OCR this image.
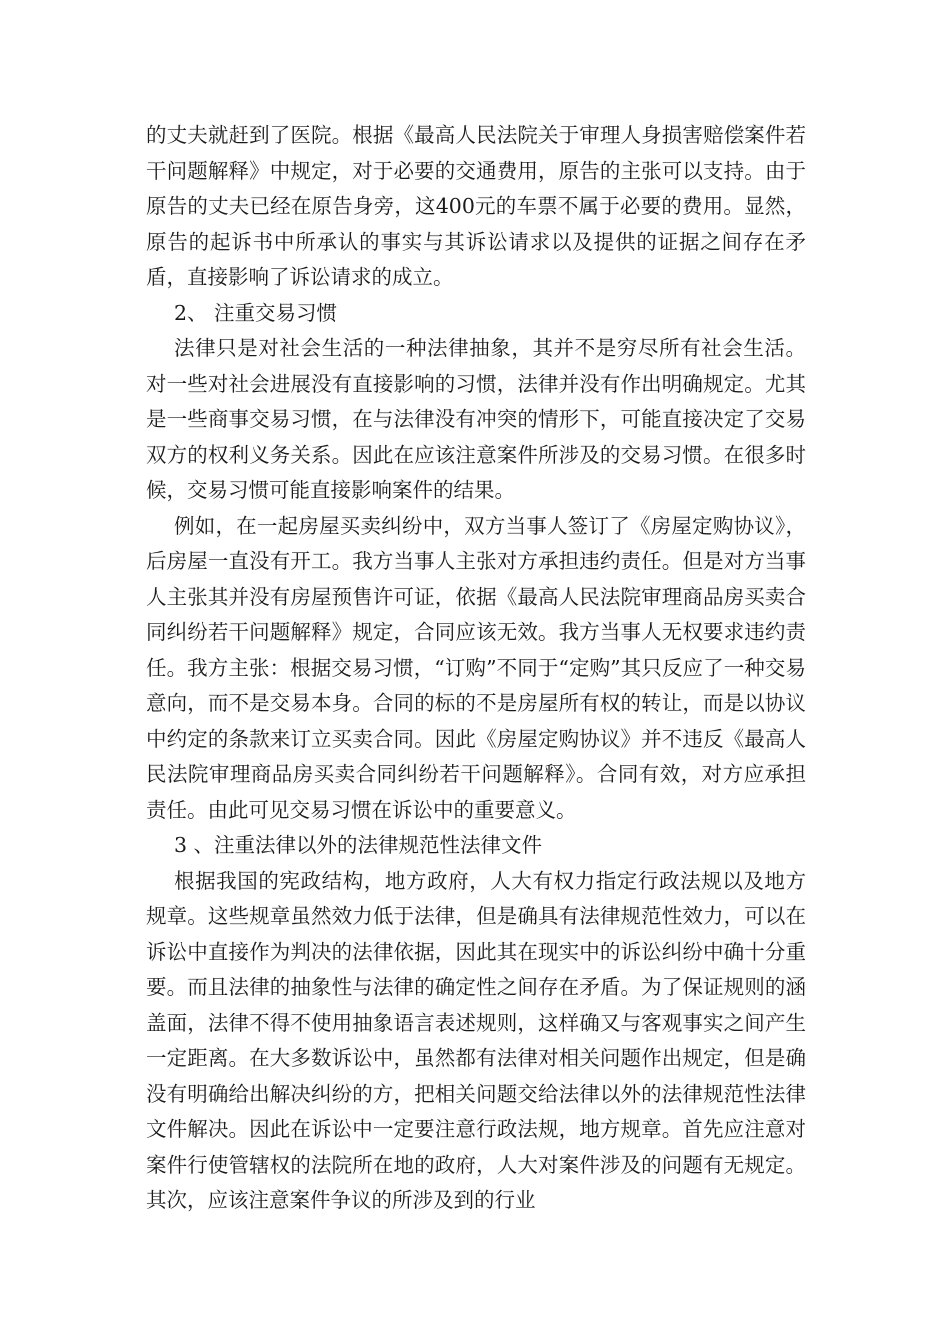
的丈夫就赶到了医院。根据《最高人民法院关于审理人身损害赔偿案件若干问题解释》中规定，对于必要的交通费用，原告的主张可以支持。由于原告的丈夫已经在原告身旁，这400元的车票不属于必要的费用。显然，原告的起诉书中所承认的事实与其诉讼请求以及提供的证据之间存在矛盾，直接影响了诉讼请求的成立。

2、 注重交易习惯

法律只是对社会生活的一种法律抽象，其并不是穷尽所有社会生活。对一些对社会进展没有直接影响的习惯，法律并没有作出明确规定。尤其是一些商事交易习惯，在与法律没有冲突的情形下，可能直接决定了交易双方的权利义务关系。因此在应该注意案件所涉及的交易习惯。在很多时候，交易习惯可能直接影响案件的结果。

例如，在一起房屋买卖纠纷中，双方当事人签订了《房屋定购协议》，后房屋一直没有开工。我方当事人主张对方承担违约责任。但是对方当事人主张其并没有房屋预售许可证，依据《最高人民法院审理商品房买卖合同纠纷若干问题解释》规定，合同应该无效。我方当事人无权要求违约责任。我方主张：根据交易习惯，“订购”不同于“定购”其只反应了一种交易意向，而不是交易本身。合同的标的不是房屋所有权的转让，而是以协议中约定的条款来订立买卖合同。因此《房屋定购协议》并不违反《最高人民法院审理商品房买卖合同纠纷若干问题解释》。合同有效，对方应承担责任。由此可见交易习惯在诉讼中的重要意义。

3 、注重法律以外的法律规范性法律文件

根据我国的宪政结构，地方政府，人大有权力指定行政法规以及地方规章。这些规章虽然效力低于法律，但是确具有法律规范性效力，可以在诉讼中直接作为判决的法律依据，因此其在现实中的诉讼纠纷中确十分重要。而且法律的抽象性与法律的确定性之间存在矛盾。为了保证规则的涵盖面，法律不得不使用抽象语言表述规则，这样确又与客观事实之间产生一定距离。在大多数诉讼中，虽然都有法律对相关问题作出规定，但是确没有明确给出解决纠纷的方，把相关问题交给法律以外的法律规范性法律文件解决。因此在诉讼中一定要注意行政法规，地方规章。首先应注意对案件行使管辖权的法院所在地的政府，人大对案件涉及的问题有无规定。其次，应该注意案件争议的所涉及到的行业
